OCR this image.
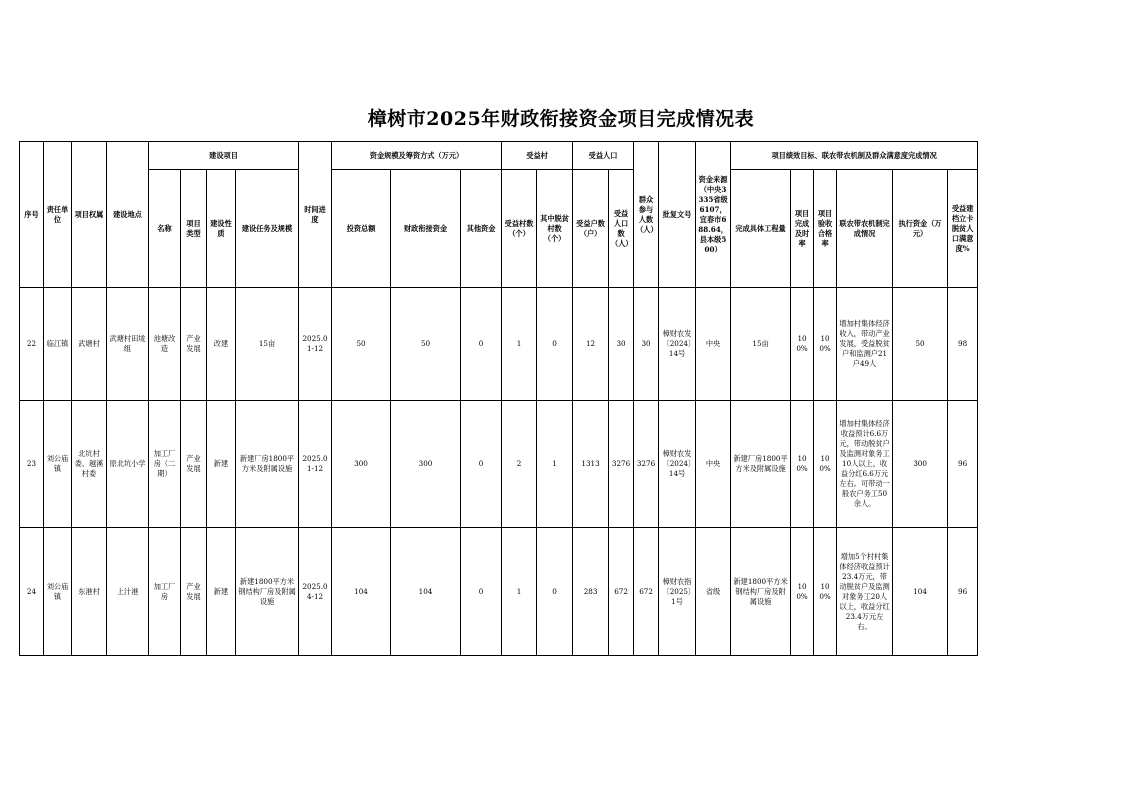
樟树市2025年财政衔接资金项目完成情况表
序号	责任单位	项目权属	建设地点	建设项目				时间进度	资金规模及筹资方式（万元）			受益村		受益人口		群众参与人数（人）	批复文号	资金来源（中央3335省级6107，宜春市688.64，县本级500）	项目绩效目标、联农带农机制及群众满意度完成情况					
				名称	项目类型	建设性质	建设任务及规模		投资总额	财政衔接资金	其他资金	受益村数（个）	其中脱贫村数（个）	受益户数（户）	受益人口数（人）				完成具体工程量	项目完成及时率	项目验收合格率	联农带农机制完成情况	执行资金（万元）	受益建档立卡脱贫人口满意度%
22	临江镇	武塘村	武塘村田垅组	池塘改造	产业发展	改建	15亩	2025.01-12	50	50	0	1	0	12	30	30	樟财农发〔2024〕14号	中央	15亩	100%	100%	增加村集体经济收入，带动产业发展，受益脱贫户和监测户21户49人	50	98
23	刘公庙镇	北坑村委、越溪村委	原北坑小学	加工厂房（二期）	产业发展	新建	新建厂房1800平方米及附属设施	2025.01-12	300	300	0	2	1	1313	3276	3276	樟财农发〔2024〕14号	中央	新建厂房1800平方米及附属设施	100%	100%	增加村集体经济收益预计6.6万元，带动脱贫户及监测对象务工10人以上，收益分红6.6万元左右。可带动一般农户务工50余人。	300	96
24	刘公庙镇	东港村	上汁港	加工厂房	产业发展	新建	新建1800平方米钢结构厂房及附属设施	2025.04-12	104	104	0	1	0	283	672	672	樟财农指〔2025〕1号	省级	新建1800平方米钢结构厂房及附属设施	100%	100%	增加5个村村集体经济收益预计23.4万元，带动脱贫户及监测对象务工20人以上，收益分红23.4万元左右。	104	96
